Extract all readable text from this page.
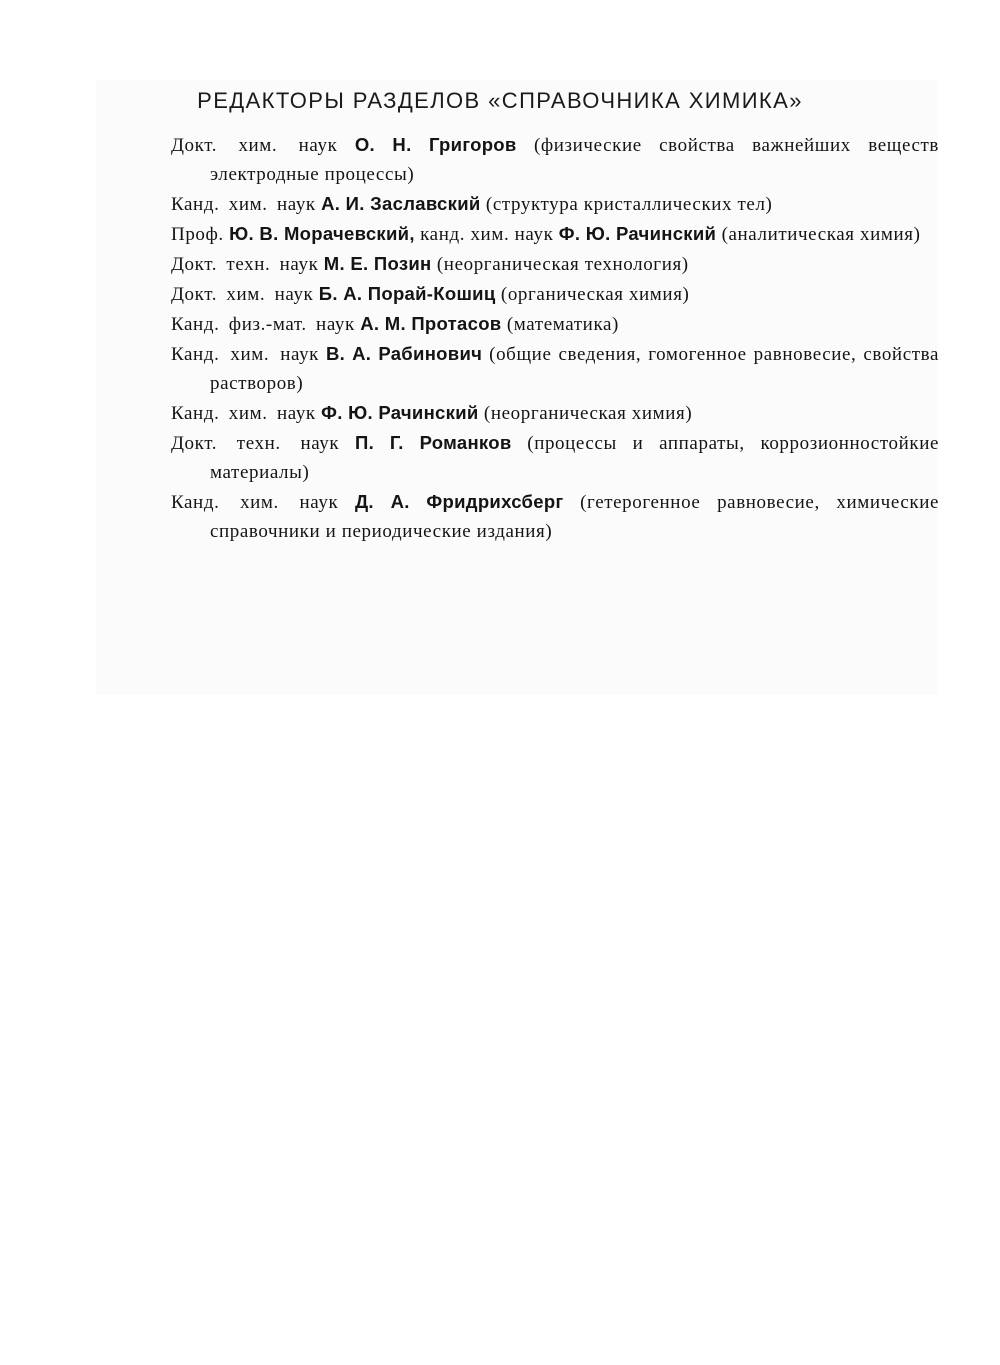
РЕДАКТОРЫ РАЗДЕЛОВ «СПРАВОЧНИКА ХИМИКА»

Докт. хим. наук О. Н. Григоров (физические свойства важнейших веществ электродные процессы)

Канд. хим. наук А. И. Заславский (структура кристаллических тел)

Проф. Ю. В. Морачевский, канд. хим. наук Ф. Ю. Рачинский (аналитическая химия)

Докт. техн. наук М. Е. Позин (неорганическая технология)

Докт. хим. наук Б. А. Порай-Кошиц (органическая химия)

Канд. физ.-мат. наук А. М. Протасов (математика)

Канд. хим. наук В. А. Рабинович (общие сведения, гомогенное равновесие, свойства растворов)

Канд. хим. наук Ф. Ю. Рачинский (неорганическая химия)

Докт. техн. наук П. Г. Романков (процессы и аппараты, коррозионностойкие материалы)

Канд. хим. наук Д. А. Фридрихсберг (гетерогенное равновесие, химические справочники и периодические издания)
